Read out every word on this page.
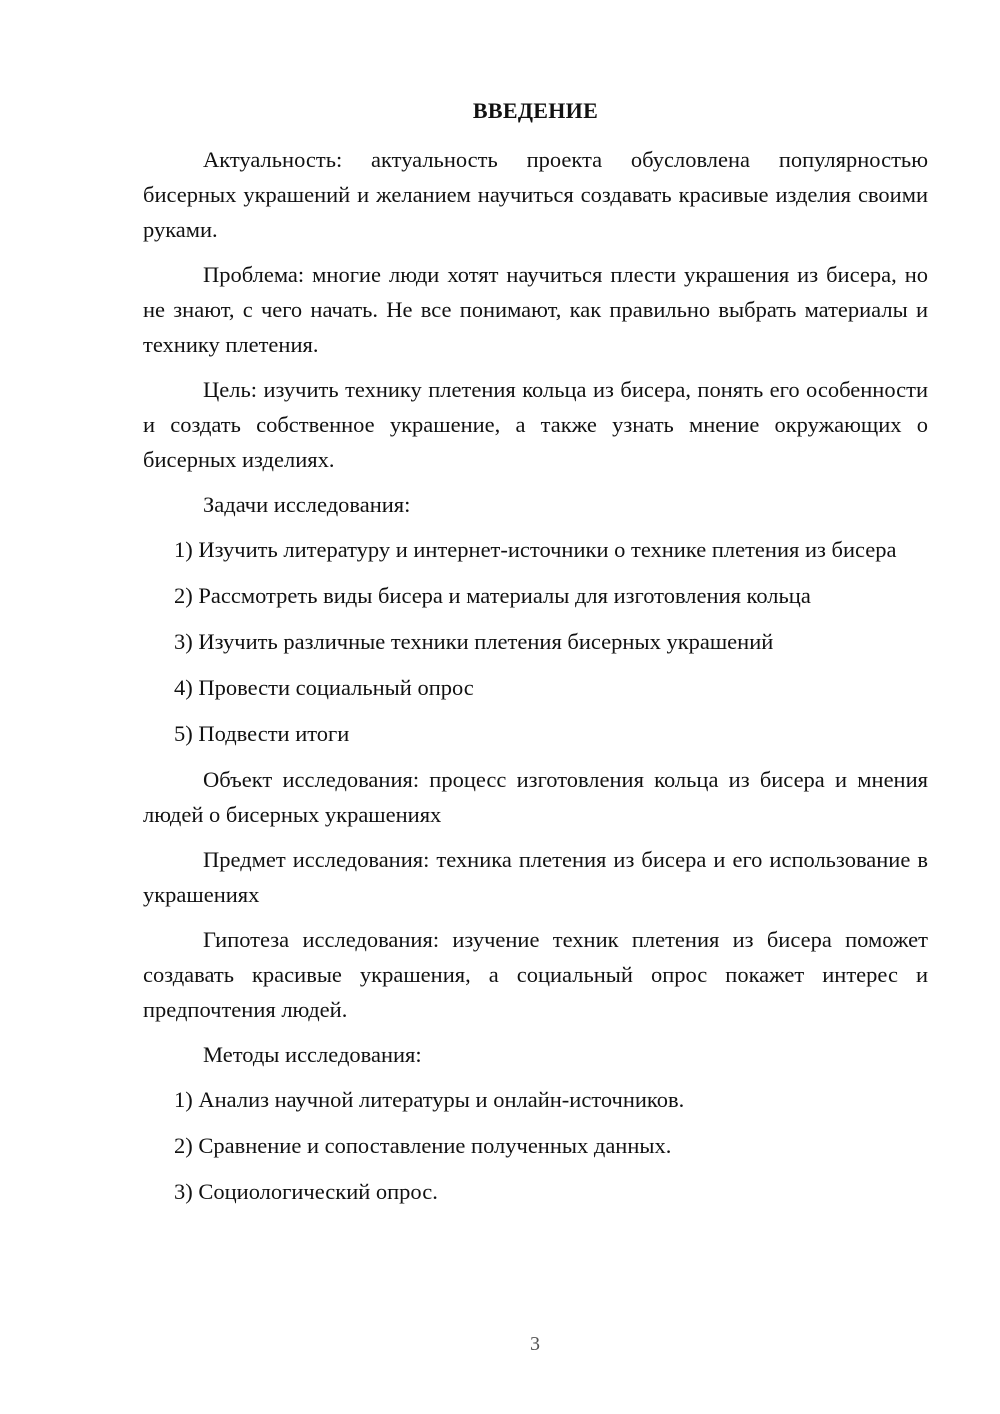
ВВЕДЕНИЕ

Актуальность: актуальность проекта обусловлена популярностью бисерных украшений и желанием научиться создавать красивые изделия своими руками.

Проблема: многие люди хотят научиться плести украшения из бисера, но не знают, с чего начать. Не все понимают, как правильно выбрать материалы и технику плетения.

Цель: изучить технику плетения кольца из бисера, понять его особенности и создать собственное украшение, а также узнать мнение окружающих о бисерных изделиях.

Задачи исследования:

1) Изучить литературу и интернет-источники о технике плетения из бисера

2) Рассмотреть виды бисера и материалы для изготовления кольца

3) Изучить различные техники плетения бисерных украшений

4) Провести социальный опрос

5) Подвести итоги

Объект исследования: процесс изготовления кольца из бисера и мнения людей о бисерных украшениях

Предмет исследования: техника плетения из бисера и его использование в украшениях

Гипотеза исследования: изучение техник плетения из бисера поможет создавать красивые украшения, а социальный опрос покажет интерес и предпочтения людей.

Методы исследования:

1) Анализ научной литературы и онлайн-источников.

2) Сравнение и сопоставление полученных данных.

3) Социологический опрос.

3
